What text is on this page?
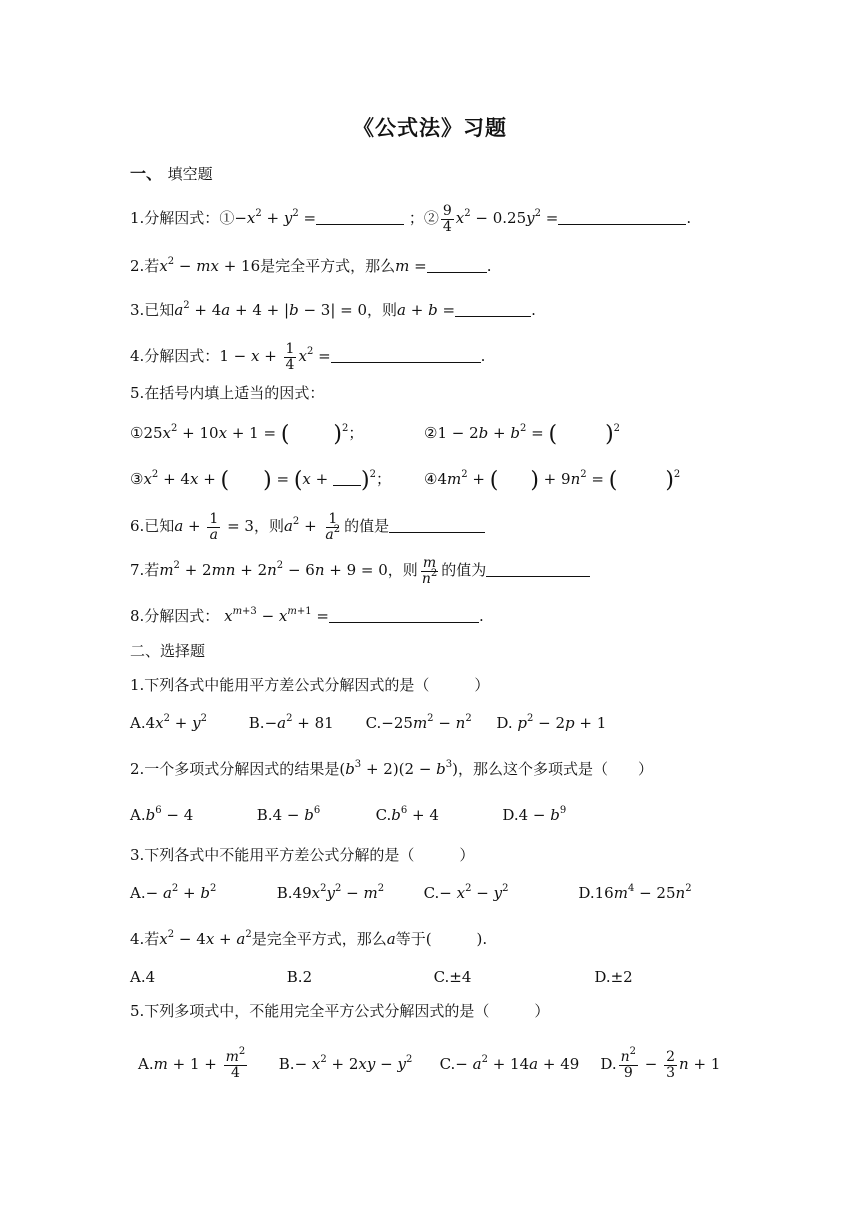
《公式法》习题
一、 填空题
1.分解因式：$①-x^2 + y^2$ =	；② $\frac{9}{4} x^2 - 0.25y^2$ =	.
2.若$x^2$ − mx + 16是完全平方式，那么m =	.
3.已知$a^2 + 4a + 4 + |b - 3| = 0$，则a + b =	.
4.分解因式：$1 - x + \frac{1}{4} x^2$ =	.
5.在括号内填上适当的因式：
$①25x^2 + 10x + 1$ = ( )$^2$；	②1 − $2b + b^2$ = ( )$^2$
$③x^2 + 4x$ + ( ) = $(x + )^2$； $④4m^2$ + ( ) + $9n^2$ = ( )$^2$
6.已知$a + \frac{1}{a} = 3$，则$a^2 + \frac{1}{a^2}$ 的值是
7.若$m^2 + 2mn + 2n^2 - 6n + 9 = 0$，则 $\frac{m}{n^2}$ 的值为
8.分解因式： $x^{m+3} - x^{m+1}$ =	.
二、选择题
1.下列各式中能用平方差公式分解因式的是（　　　）
$A.4x^2 + y^2$	$B.-a^2 + 81$ $C.-25m^2 - n^2$ D. $p^2 - 2p + 1$
2.一个多项式分解因式的结果是$(b^3 + 2)(2 - b^3)$，那么这个多项式是（　　）
$A.b^6 - 4$	$B.4 - b^6$	$C.b^6 + 4$	$D.4 - b^9$
3.下列各式中不能用平方差公式分解的是（　　　）
$A.- a^2 + b^2$	$B.49x^2y^2 - m^2$	$C.- x^2 - y^2$	$D.16m^4 - 25n^2$
4.若$x^2 - 4x + a^2$是完全平方式，那么a等于(　　　).
A.4	B.2	C.±4	D.±2
5.下列多项式中，不能用完全平方公式分解因式的是（　　　）
$A.m + 1 + \frac{m^2}{4} B.- x^2 + 2xy - y^2$ $C.- a^2 + 14a + 49$ D. $\frac{n^2}{9} - \frac{2}{3}$ n + 1
